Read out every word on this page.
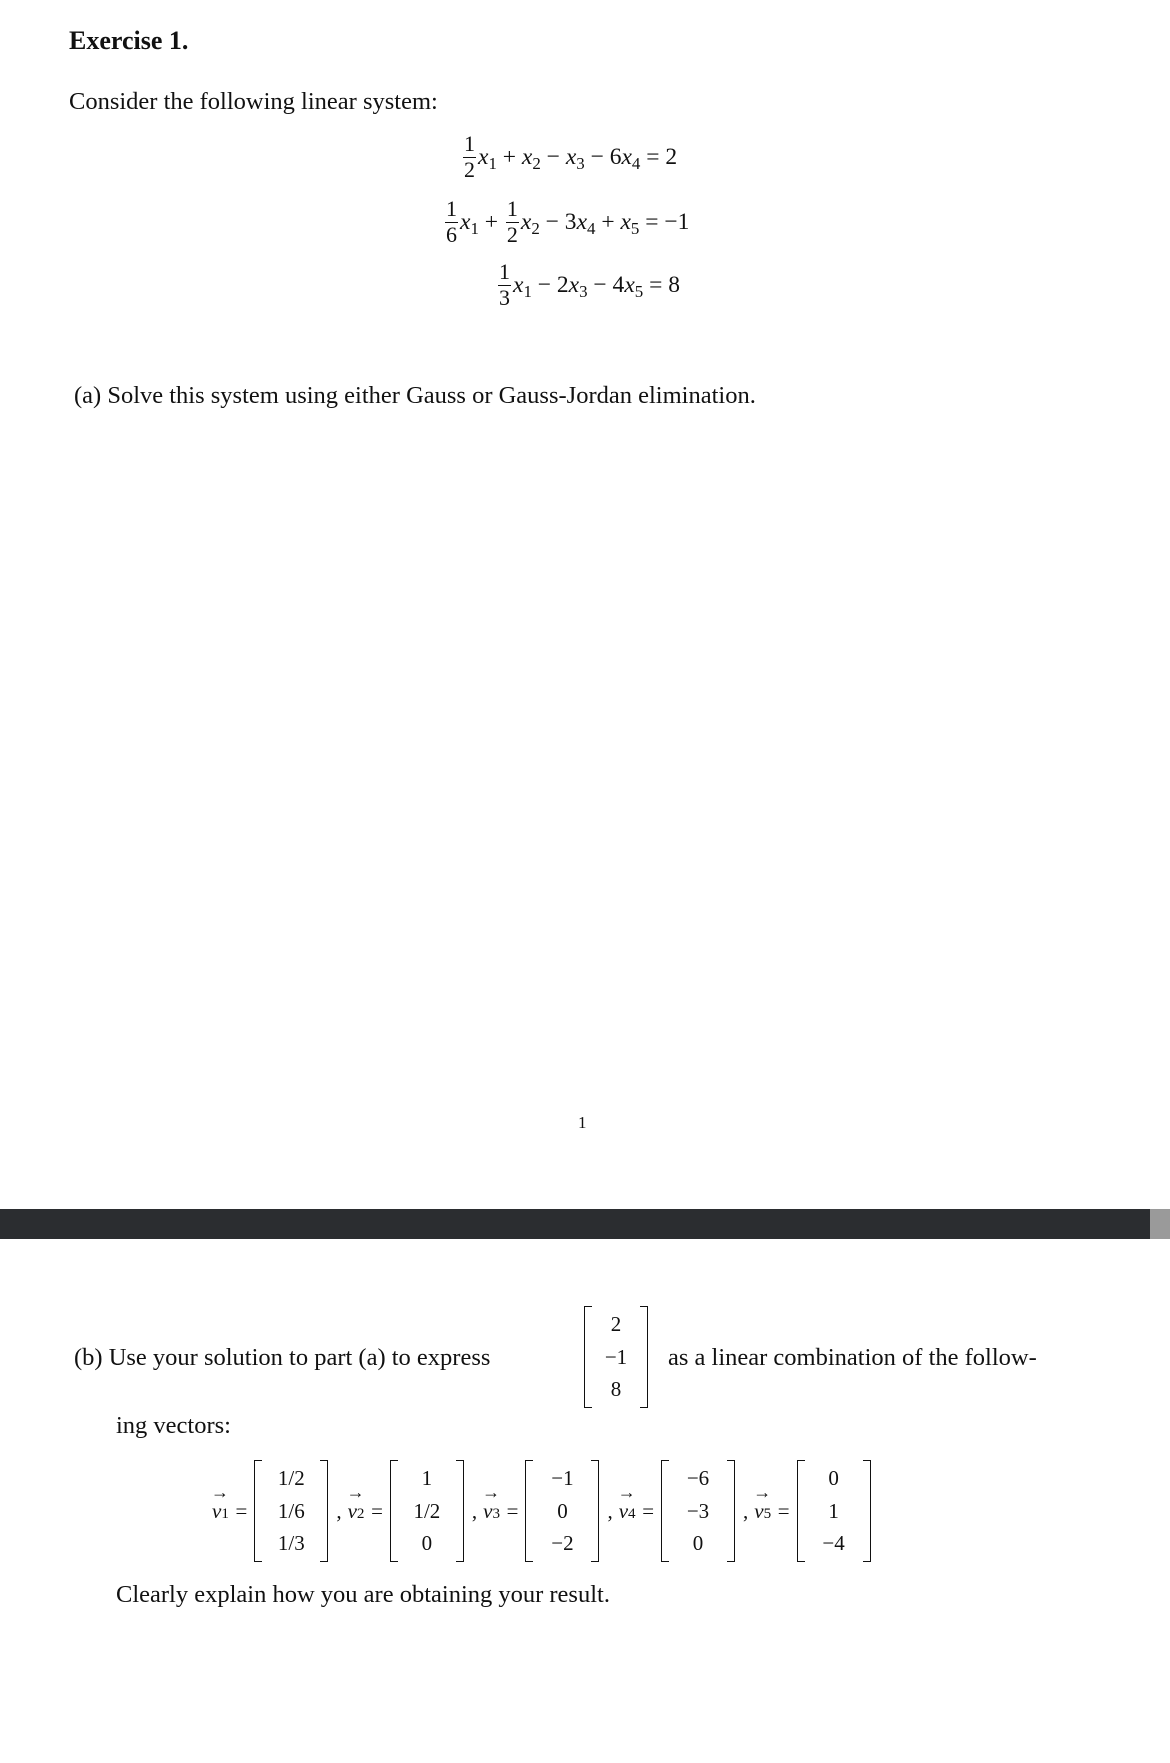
Exercise 1.
Consider the following linear system:
$\frac{1}{2} x_1 + x_2 - x_3 - 6$ $x_4 = 2$
$\frac{1}{6} x_1 + \frac{1}{2} x_2 - 3$ $x_4 + x_5 = -1$
$\frac{1}{3} x_1 - 2$ $x_3 - 4$ $x_5 = 8$
(a) Solve this system using either Gauss or Gauss-Jordan elimination.
1
(b) Use your solution to part (a) to express
2
−1
8
as a linear combination of the follow-
ing vectors:
→ v 1 =
1/2
1/6
1/3
, → v 2 =
1
1/2
0
, → v 3 =
−1
0
−2
, → v 4 =
−6
−3
0
, → v 5 =
0
1
−4
Clearly explain how you are obtaining your result.
